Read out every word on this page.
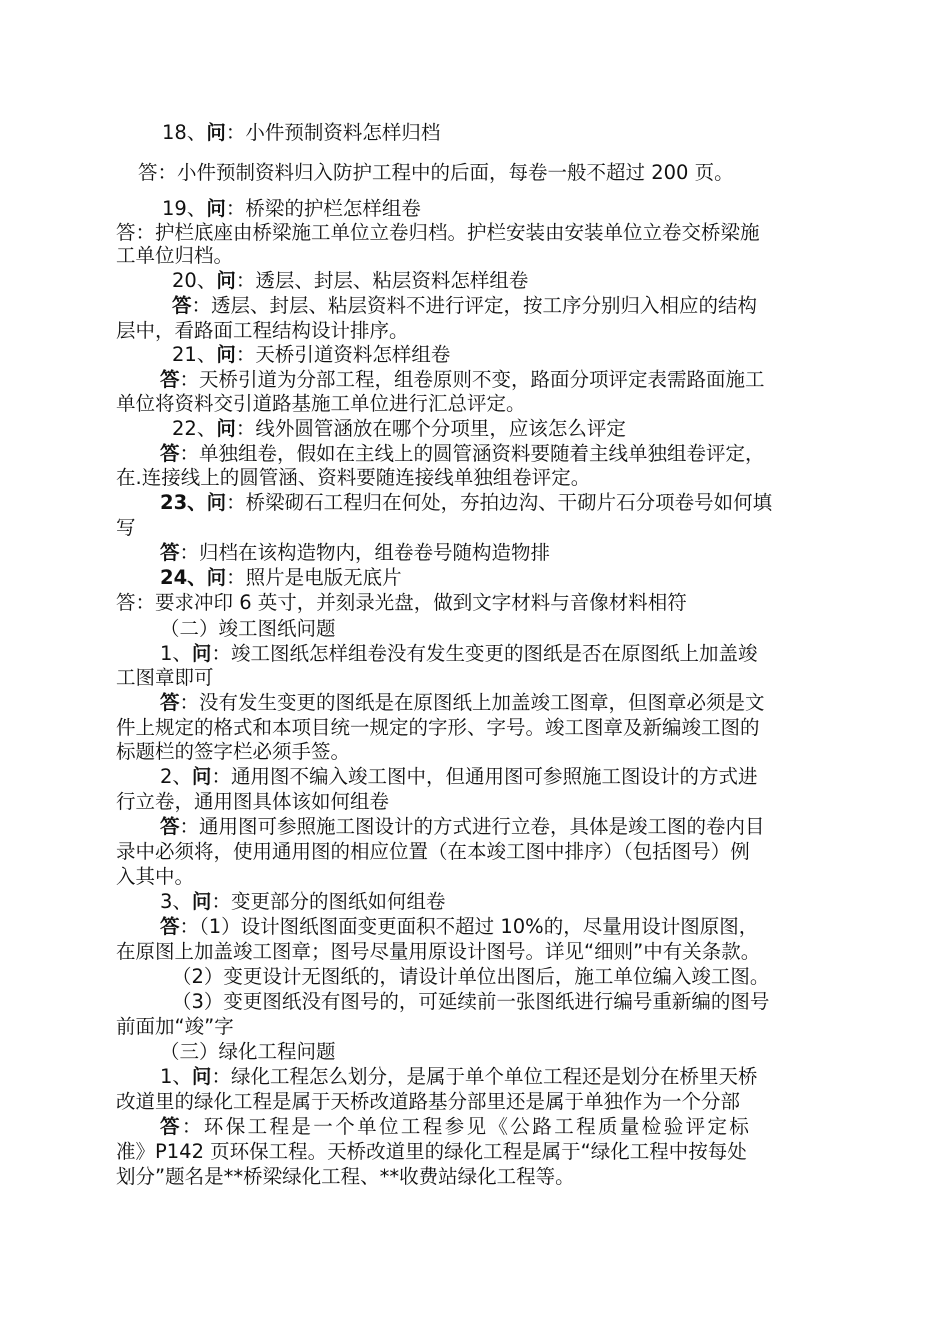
18、问：小件预制资料怎样归档
答：小件预制资料归入防护工程中的后面，每卷一般不超过 200 页。
19、问：桥梁的护栏怎样组卷
答：护栏底座由桥梁施工单位立卷归档。护栏安装由安装单位立卷交桥梁施
工单位归档。
20、问：透层、封层、粘层资料怎样组卷
答：透层、封层、粘层资料不进行评定，按工序分别归入相应的结构
层中，看路面工程结构设计排序。
21、问：天桥引道资料怎样组卷
答：天桥引道为分部工程，组卷原则不变，路面分项评定表需路面施工
单位将资料交引道路基施工单位进行汇总评定。
22、问：线外圆管涵放在哪个分项里，应该怎么评定
答：单独组卷，假如在主线上的圆管涵资料要随着主线单独组卷评定，
在.连接线上的圆管涵、资料要随连接线单独组卷评定。
23、问：桥梁砌石工程归在何处，夯拍边沟、干砌片石分项卷号如何填
写
答：归档在该构造物内，组卷卷号随构造物排
24、问：照片是电版无底片
答：要求冲印 6 英寸，并刻录光盘，做到文字材料与音像材料相符
（二）竣工图纸问题
1、问：竣工图纸怎样组卷没有发生变更的图纸是否在原图纸上加盖竣
工图章即可
答：没有发生变更的图纸是在原图纸上加盖竣工图章，但图章必须是文
件上规定的格式和本项目统一规定的字形、字号。竣工图章及新编竣工图的
标题栏的签字栏必须手签。
2、问：通用图不编入竣工图中，但通用图可参照施工图设计的方式进
行立卷，通用图具体该如何组卷
答：通用图可参照施工图设计的方式进行立卷，具体是竣工图的卷内目
录中必须将，使用通用图的相应位置（在本竣工图中排序）（包括图号）例
入其中。
3、问：变更部分的图纸如何组卷
答：（1）设计图纸图面变更面积不超过 10%的，尽量用设计图原图，
在原图上加盖竣工图章；图号尽量用原设计图号。详见“细则”中有关条款。
（2）变更设计无图纸的，请设计单位出图后，施工单位编入竣工图。
（3）变更图纸没有图号的，可延续前一张图纸进行编号重新编的图号
前面加“竣”字
（三）绿化工程问题
1、问：绿化工程怎么划分，是属于单个单位工程还是划分在桥里天桥
改道里的绿化工程是属于天桥改道路基分部里还是属于单独作为一个分部
答：环保工程是一个单位工程参见《公路工程质量检验评定标
准》P142 页环保工程。天桥改道里的绿化工程是属于“绿化工程中按每处
划分”题名是**桥梁绿化工程、**收费站绿化工程等。
